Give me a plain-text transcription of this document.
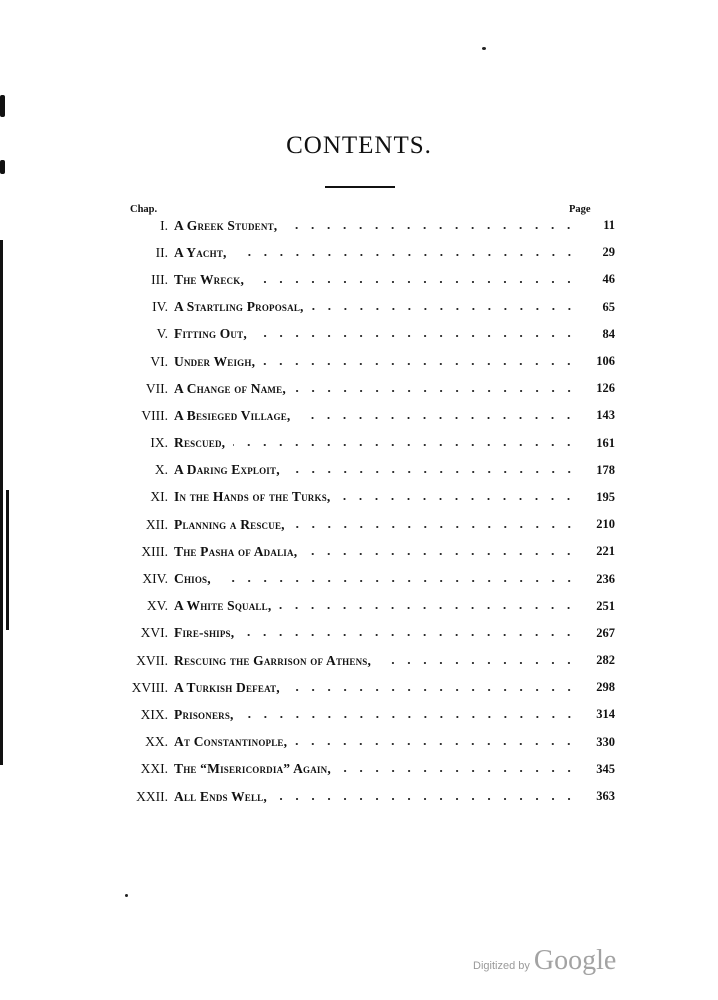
CONTENTS.
Chap.	Page
I. A Greek Student,	11
II. A Yacht,	29
III. The Wreck,	46
IV. A Startling Proposal,	65
V. Fitting Out,	84
VI. Under Weigh,	106
VII. A Change of Name,	126
VIII. A Besieged Village,	143
IX. Rescued,	161
X. A Daring Exploit,	178
XI. In the Hands of the Turks,	195
XII. Planning a Rescue,	210
XIII. The Pasha of Adalia,	221
XIV. Chios,	236
XV. A White Squall,	251
XVI. Fire-ships,	267
XVII. Rescuing the Garrison of Athens,	282
XVIII. A Turkish Defeat,	298
XIX. Prisoners,	314
XX. At Constantinople,	330
XXI. The “Misericordia” Again,	345
XXII. All Ends Well,	363
Digitized by Google
